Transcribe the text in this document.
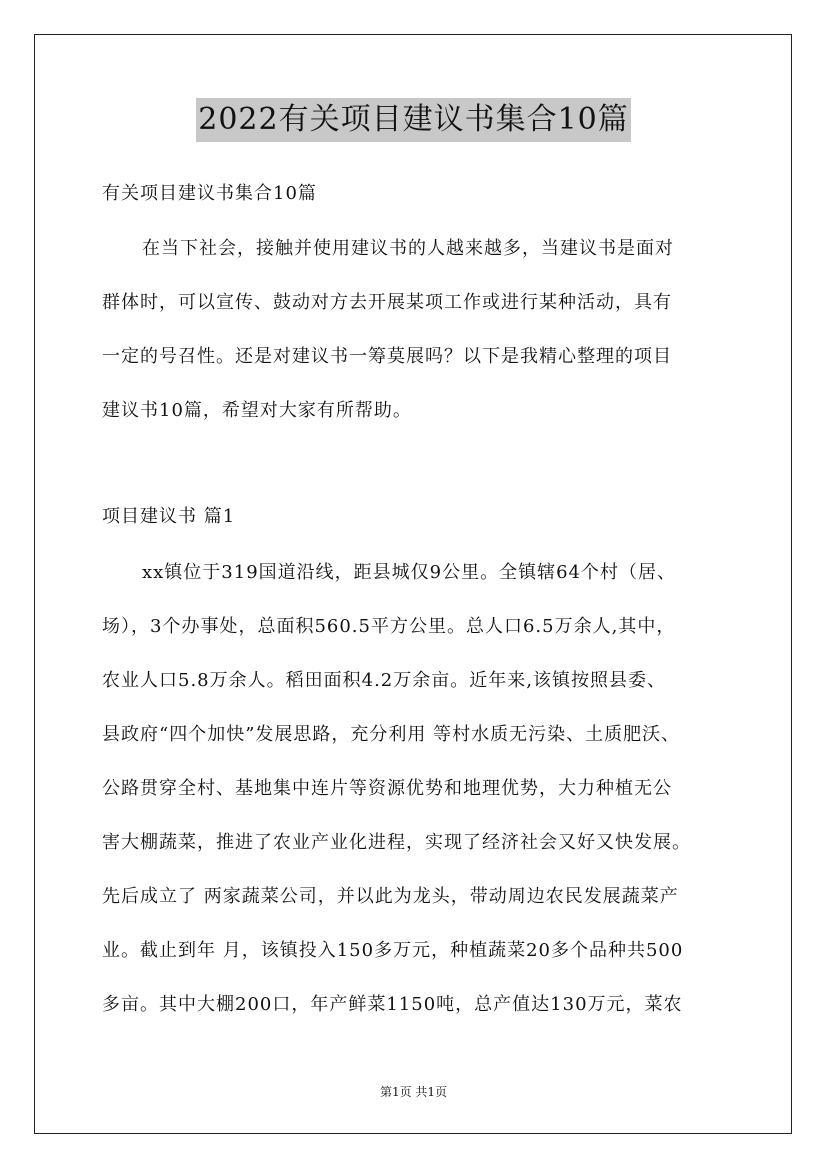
2022有关项目建议书集合10篇
有关项目建议书集合10篇

在当下社会，接触并使用建议书的人越来越多，当建议书是面对
群体时，可以宣传、鼓动对方去开展某项工作或进行某种活动，具有
一定的号召性。还是对建议书一筹莫展吗？以下是我精心整理的项目
建议书10篇，希望对大家有所帮助。

项目建议书 篇1

xx镇位于319国道沿线，距县城仅9公里。全镇辖64个村（居、
场），3个办事处，总面积560.5平方公里。总人口6.5万余人,其中，
农业人口5.8万余人。稻田面积4.2万余亩。近年来,该镇按照县委、
县政府“四个加快”发展思路，充分利用 等村水质无污染、土质肥沃、
公路贯穿全村、基地集中连片等资源优势和地理优势，大力种植无公
害大棚蔬菜，推进了农业产业化进程，实现了经济社会又好又快发展。
先后成立了 两家蔬菜公司，并以此为龙头，带动周边农民发展蔬菜产
业。截止到年 月，该镇投入150多万元，种植蔬菜20多个品种共500
多亩。其中大棚200口，年产鲜菜1150吨，总产值达130万元，菜农

第1页 共1页
